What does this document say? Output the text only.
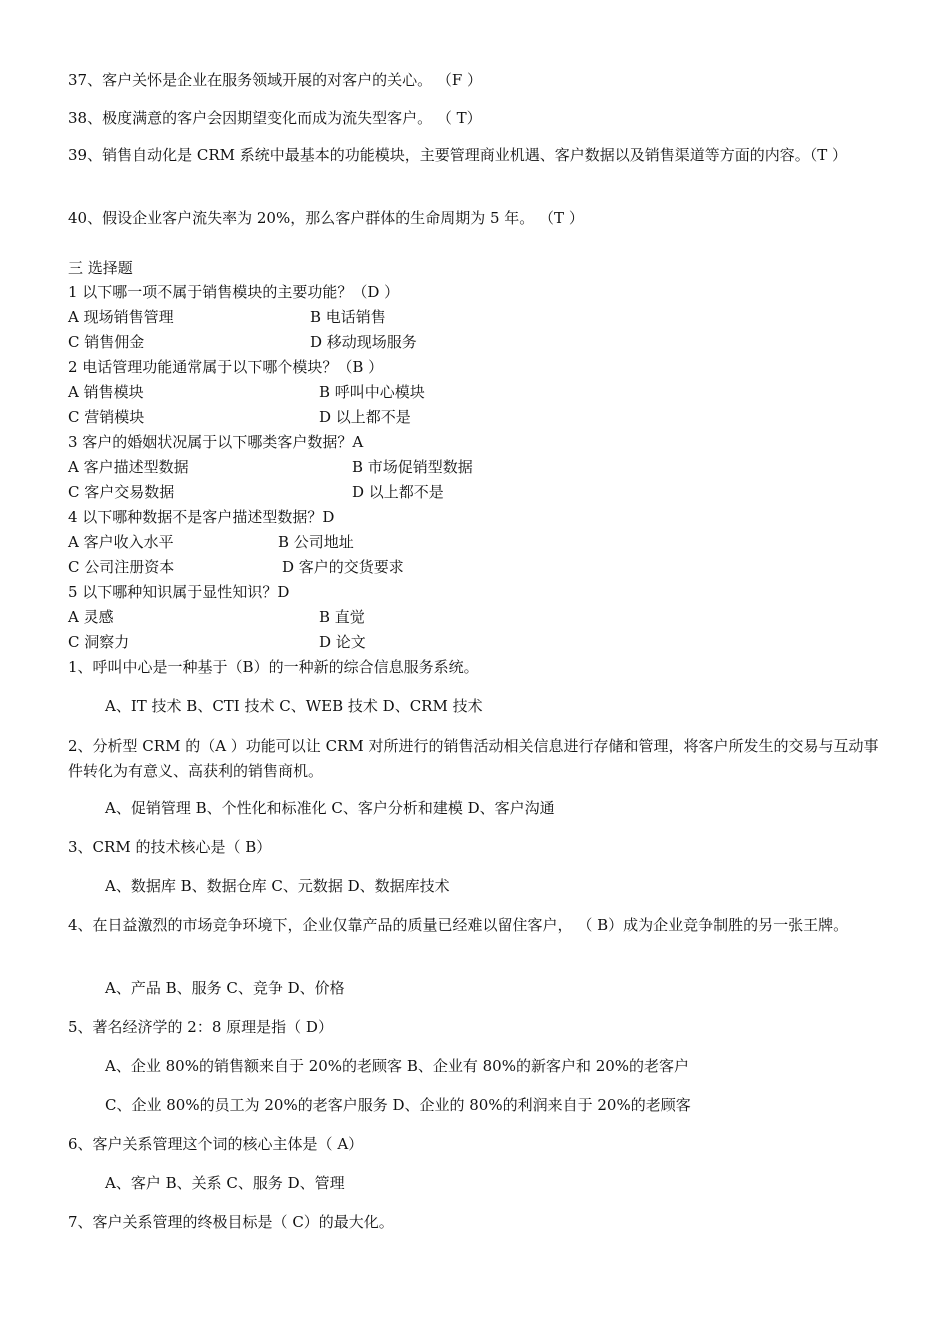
37、客户关怀是企业在服务领域开展的对客户的关心。 （F ）
38、极度满意的客户会因期望变化而成为流失型客户。 （ T）
39、销售自动化是 CRM 系统中最基本的功能模块，主要管理商业机遇、客户数据以及销售渠道等方面的内容。（T ）
40、假设企业客户流失率为 20%，那么客户群体的生命周期为 5 年。 （T ）
三 选择题
1 以下哪一项不属于销售模块的主要功能？（D ）
A 现场销售管理	B 电话销售
C 销售佣金	D 移动现场服务
2 电话管理功能通常属于以下哪个模块？（B ）
A 销售模块	B 呼叫中心模块
C 营销模块	D 以上都不是
3 客户的婚姻状况属于以下哪类客户数据？A
A 客户描述型数据	B 市场促销型数据
C 客户交易数据	D 以上都不是
4 以下哪种数据不是客户描述型数据？D
A 客户收入水平	B 公司地址
C 公司注册资本	D 客户的交货要求
5 以下哪种知识属于显性知识？D
A 灵感	B 直觉
C 洞察力	D 论文
1、呼叫中心是一种基于（B）的一种新的综合信息服务系统。
A、IT 技术 B、CTI 技术 C、WEB 技术 D、CRM 技术
2、分析型 CRM 的（A ）功能可以让 CRM 对所进行的销售活动相关信息进行存储和管理，将客户所发生的交易与互动事件转化为有意义、高获利的销售商机。
A、促销管理 B、个性化和标准化 C、客户分析和建模 D、客户沟通
3、CRM 的技术核心是（ B）
A、数据库 B、数据仓库 C、元数据 D、数据库技术
4、在日益激烈的市场竞争环境下，企业仅靠产品的质量已经难以留住客户， （ B）成为企业竞争制胜的另一张王牌。
A、产品 B、服务 C、竞争 D、价格
5、著名经济学的 2：8 原理是指（ D）
A、企业 80%的销售额来自于 20%的老顾客 B、企业有 80%的新客户和 20%的老客户
C、企业 80%的员工为 20%的老客户服务 D、企业的 80%的利润来自于 20%的老顾客
6、客户关系管理这个词的核心主体是（ A）
A、客户 B、关系 C、服务 D、管理
7、客户关系管理的终极目标是（ C）的最大化。
